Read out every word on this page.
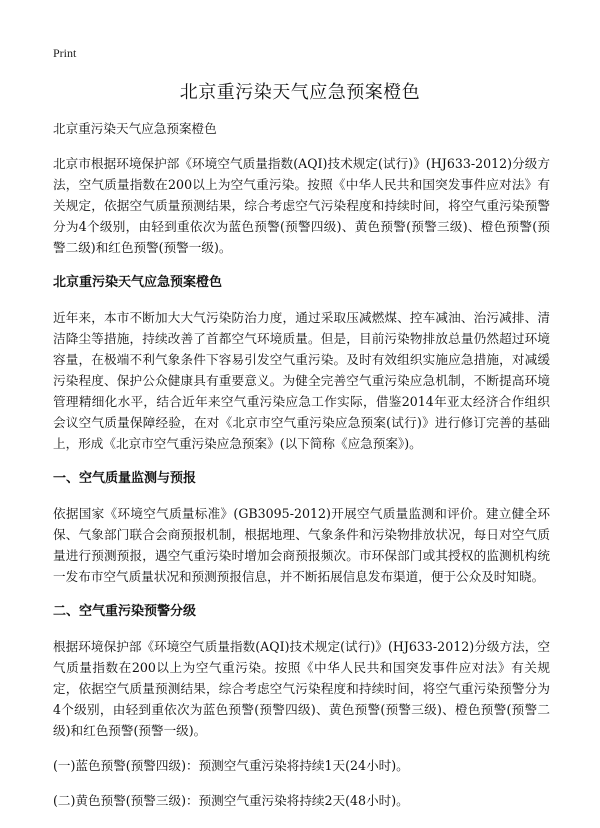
Print
北京重污染天气应急预案橙色

北京重污染天气应急预案橙色

北京市根据环境保护部《环境空气质量指数(AQI)技术规定(试行)》(HJ633-2012)分级方法，空气质量指数在200以上为空气重污染。按照《中华人民共和国突发事件应对法》有关规定，依据空气质量预测结果，综合考虑空气污染程度和持续时间，将空气重污染预警分为4个级别，由轻到重依次为蓝色预警(预警四级)、黄色预警(预警三级)、橙色预警(预警二级)和红色预警(预警一级)。

北京重污染天气应急预案橙色

近年来，本市不断加大大气污染防治力度，通过采取压减燃煤、控车减油、治污减排、清洁降尘等措施，持续改善了首都空气环境质量。但是，目前污染物排放总量仍然超过环境容量，在极端不利气象条件下容易引发空气重污染。及时有效组织实施应急措施，对减缓污染程度、保护公众健康具有重要意义。为健全完善空气重污染应急机制，不断提高环境管理精细化水平，结合近年来空气重污染应急工作实际，借鉴2014年亚太经济合作组织会议空气质量保障经验，在对《北京市空气重污染应急预案(试行)》进行修订完善的基础上，形成《北京市空气重污染应急预案》(以下简称《应急预案》)。

一、空气质量监测与预报

依据国家《环境空气质量标准》(GB3095-2012)开展空气质量监测和评价。建立健全环保、气象部门联合会商预报机制，根据地理、气象条件和污染物排放状况，每日对空气质量进行预测预报，遇空气重污染时增加会商预报频次。市环保部门或其授权的监测机构统一发布市空气质量状况和预测预报信息，并不断拓展信息发布渠道，便于公众及时知晓。

二、空气重污染预警分级

根据环境保护部《环境空气质量指数(AQI)技术规定(试行)》(HJ633-2012)分级方法，空气质量指数在200以上为空气重污染。按照《中华人民共和国突发事件应对法》有关规定，依据空气质量预测结果，综合考虑空气污染程度和持续时间，将空气重污染预警分为4个级别，由轻到重依次为蓝色预警(预警四级)、黄色预警(预警三级)、橙色预警(预警二级)和红色预警(预警一级)。

(一)蓝色预警(预警四级)：预测空气重污染将持续1天(24小时)。

(二)黄色预警(预警三级)：预测空气重污染将持续2天(48小时)。
